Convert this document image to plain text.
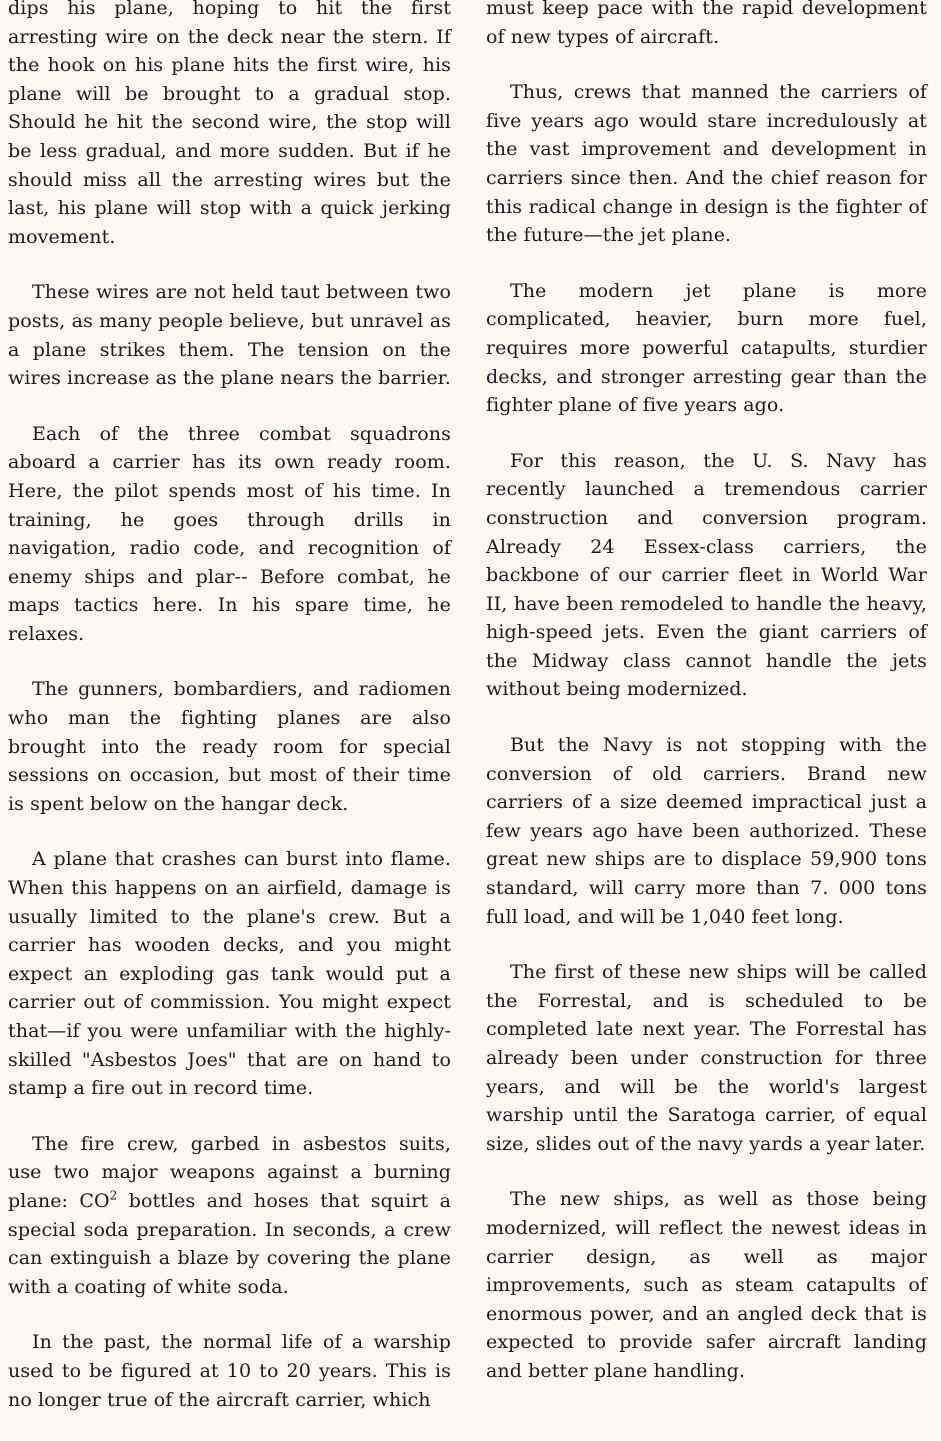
dips his plane, hoping to hit the first arresting wire on the deck near the stern. If the hook on his plane hits the first wire, his plane will be brought to a gradual stop. Should he hit the second wire, the stop will be less gradual, and more sudden. But if he should miss all the arresting wires but the last, his plane will stop with a quick jerking movement.

These wires are not held taut between two posts, as many people believe, but unravel as a plane strikes them. The tension on the wires increase as the plane nears the barrier.

Each of the three combat squadrons aboard a carrier has its own ready room. Here, the pilot spends most of his time. In training, he goes through drills in navigation, radio code, and recognition of enemy ships and plar-- Before combat, he maps tactics here. In his spare time, he relaxes.

The gunners, bombardiers, and radiomen who man the fighting planes are also brought into the ready room for special sessions on occasion, but most of their time is spent below on the hangar deck.

A plane that crashes can burst into flame. When this happens on an airfield, damage is usually limited to the plane's crew. But a carrier has wooden decks, and you might expect an exploding gas tank would put a carrier out of commission. You might expect that—if you were unfamiliar with the highly-skilled "Asbestos Joes" that are on hand to stamp a fire out in record time.

The fire crew, garbed in asbestos suits, use two major weapons against a burning plane: $CO^2$ bottles and hoses that squirt a special soda preparation. In seconds, a crew can extinguish a blaze by covering the plane with a coating of white soda.

In the past, the normal life of a warship used to be figured at 10 to 20 years. This is no longer true of the aircraft carrier, which

must keep pace with the rapid development of new types of aircraft.

Thus, crews that manned the carriers of five years ago would stare incredulously at the vast improvement and development in carriers since then. And the chief reason for this radical change in design is the fighter of the future—the jet plane.

The modern jet plane is more complicated, heavier, burn more fuel, requires more powerful catapults, sturdier decks, and stronger arresting gear than the fighter plane of five years ago.

For this reason, the U. S. Navy has recently launched a tremendous carrier construction and conversion program. Already 24 Essex-class carriers, the backbone of our carrier fleet in World War II, have been remodeled to handle the heavy, high-speed jets. Even the giant carriers of the Midway class cannot handle the jets without being modernized.

But the Navy is not stopping with the conversion of old carriers. Brand new carriers of a size deemed impractical just a few years ago have been authorized. These great new ships are to displace 59,900 tons standard, will carry more than 7. 000 tons full load, and will be 1,040 feet long.

The first of these new ships will be called the Forrestal, and is scheduled to be completed late next year. The Forrestal has already been under construction for three years, and will be the world's largest warship until the Saratoga carrier, of equal size, slides out of the navy yards a year later.

The new ships, as well as those being modernized, will reflect the newest ideas in carrier design, as well as major improvements, such as steam catapults of enormous power, and an angled deck that is expected to provide safer aircraft landing and better plane handling.
